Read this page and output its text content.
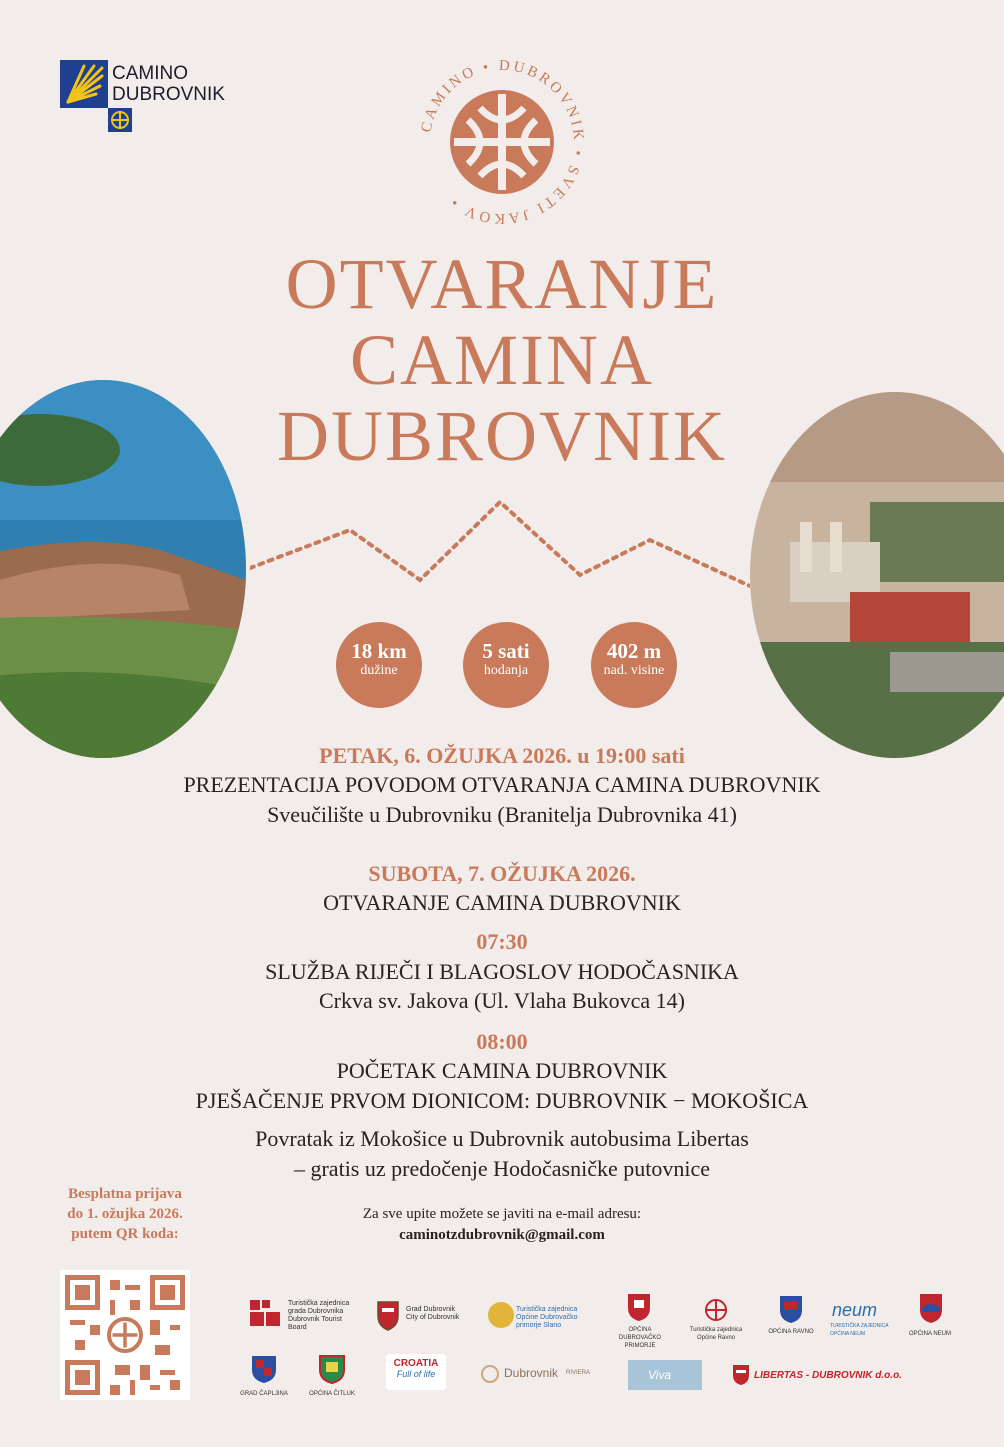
CAMINO
DUBROVNIK
CAMINO • DUBROVNI • SVETI JAKOV •
OTVARANJE
CAMINA
DUBROVNIK
18 km
dužine
5 sati
hodanja
402 m
nad. visine
PETAK, 6. OŽUJKA 2026. u 19:00 sati
PREZENTACIJA POVODOM OTVARANJA CAMINA DUBROVNIK
Sveučilište u Dubrovniku (Branitelja Dubrovnika 41)
SUBOTA, 7. OŽUJKA 2026.
OTVARANJE CAMINA DUBROVNIK
07:30
SLUŽBA RIJEČI I BLAGOSLOV HODOČASNIKA
Crkva sv. Jakova (Ul. Vlaha Bukovca 14)
08:00
POČETAK CAMINA DUBROVNIK
PJEŠAČENJE PRVOM DIONICOM: DUBROVNIK − MOKOŠICA
Povratak iz Mokošice u Dubrovnik autobusima Libertas
– gratis uz predočenje Hodočasničke putovnice
Besplatna prijava
do 1. ožujka 2026.
putem QR koda:
Za sve upite možete se javiti na e-mail adresu:
caminotzdubrovnik@gmail.com
Turistička zajednica grada Dubrovnika Dubrovnik Tourist Board
Grad Dubrovnik City of Dubrovnik
Turistička zajednica Općine Dubrovačko primorje Slano
OPĆINA DUBROVAČKO PRIMORJE
Turistička zajednica Općine Ravno
OPĆINA RAVNO
neum
TURISTIČKA ZAJEDNICA OPĆINA NEUM	OPĆINA NEUM
GRAD ČAPLJINA	OPĆINA ČITLUK
CROATIA
Full of life	Dubrovnik RIVIERA	Viva	LIBERTAS - DUBROVNIK d.o.o.
